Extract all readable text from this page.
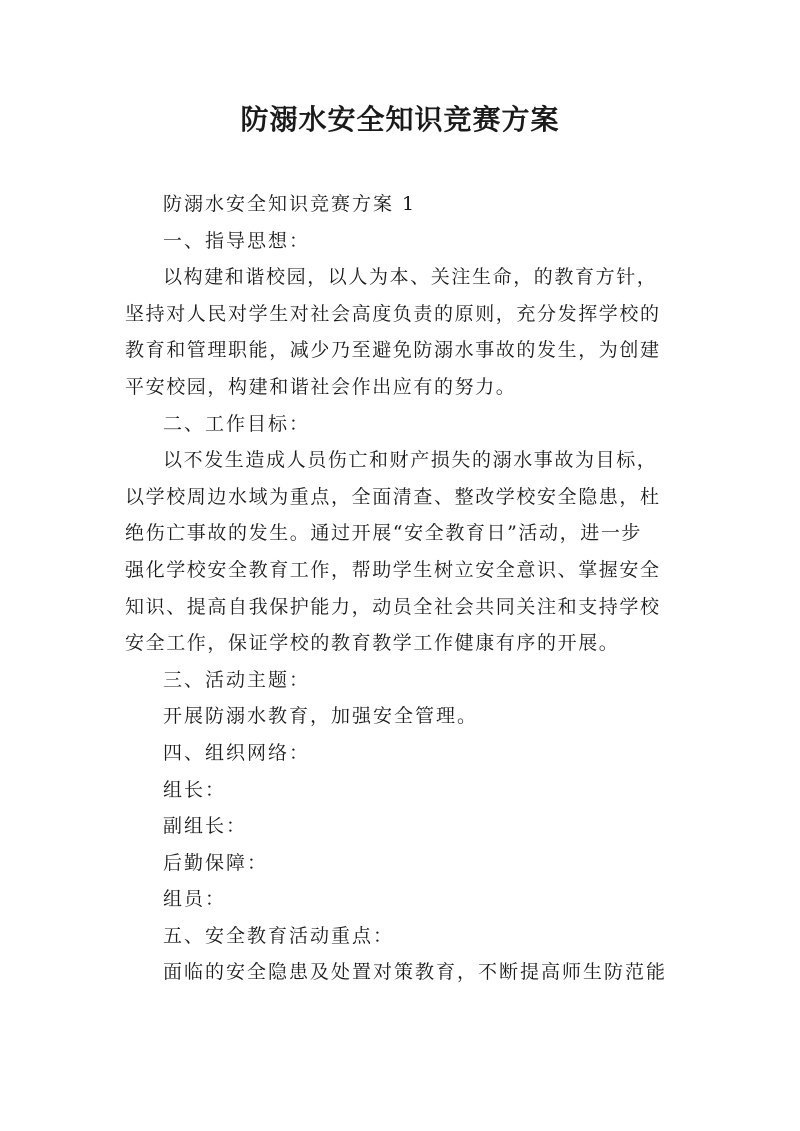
防溺水安全知识竞赛方案

防溺水安全知识竞赛方案 1

一、指导思想：

以构建和谐校园，以人为本、关注生命，的教育方针，
坚持对人民对学生对社会高度负责的原则，充分发挥学校的
教育和管理职能，减少乃至避免防溺水事故的发生，为创建
平安校园，构建和谐社会作出应有的努力。

二、工作目标：

以不发生造成人员伤亡和财产损失的溺水事故为目标，
以学校周边水域为重点，全面清查、整改学校安全隐患，杜
绝伤亡事故的发生。通过开展“安全教育日”活动，进一步
强化学校安全教育工作，帮助学生树立安全意识、掌握安全
知识、提高自我保护能力，动员全社会共同关注和支持学校
安全工作，保证学校的教育教学工作健康有序的开展。

三、活动主题：

开展防溺水教育，加强安全管理。

四、组织网络：

组长：

副组长：

后勤保障：

组员：

五、安全教育活动重点：

面临的安全隐患及处置对策教育，不断提高师生防范能
